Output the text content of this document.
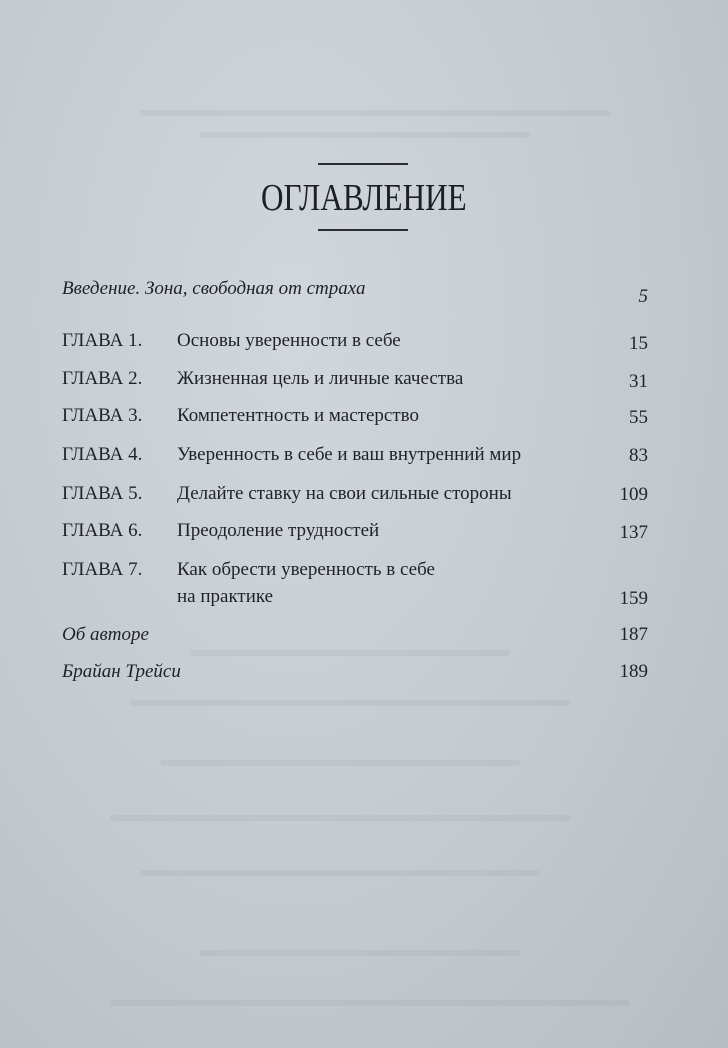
ОГЛАВЛЕНИЕ
Введение. Зона, свободная от страха	5
ГЛАВА 1. Основы уверенности в себе	15
ГЛАВА 2. Жизненная цель и личные качества	31
ГЛАВА 3. Компетентность и мастерство	55
ГЛАВА 4. Уверенность в себе и ваш внутренний мир	83
ГЛАВА 5. Делайте ставку на свои сильные стороны	109
ГЛАВА 6. Преодоление трудностей	137
ГЛАВА 7. Как обрести уверенность в себе
на практике	159
Об авторе	187
Брайан Трейси	189
